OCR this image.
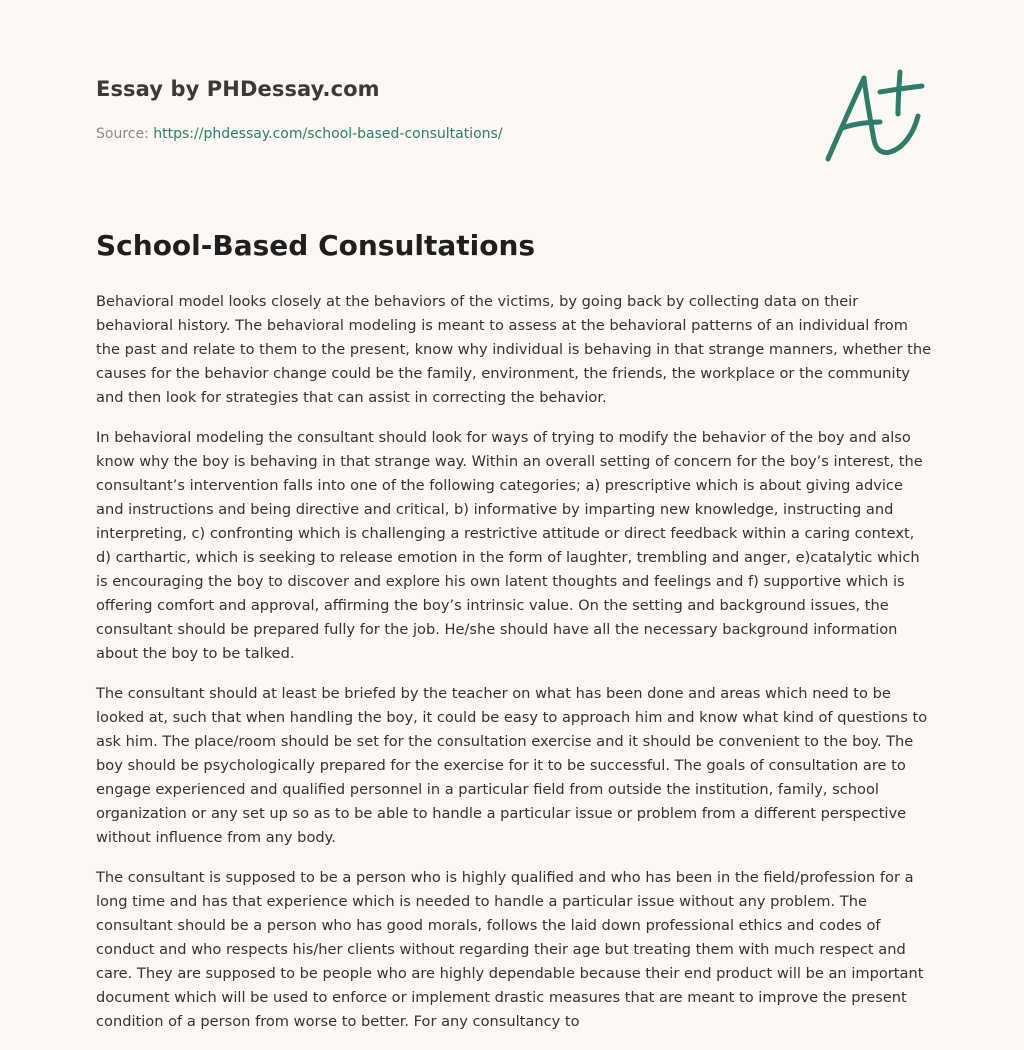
Essay by PHDessay.com
Source: https://phdessay.com/school-based-consultations/
School-Based Consultations

Behavioral model looks closely at the behaviors of the victims, by going back by collecting data on their behavioral history. The behavioral modeling is meant to assess at the behavioral patterns of an individual from the past and relate to them to the present, know why individual is behaving in that strange manners, whether the causes for the behavior change could be the family, environment, the friends, the workplace or the community and then look for strategies that can assist in correcting the behavior.

In behavioral modeling the consultant should look for ways of trying to modify the behavior of the boy and also know why the boy is behaving in that strange way. Within an overall setting of concern for the boy’s interest, the consultant’s intervention falls into one of the following categories; a) prescriptive which is about giving advice and instructions and being directive and critical, b) informative by imparting new knowledge, instructing and interpreting, c) confronting which is challenging a restrictive attitude or direct feedback within a caring context, d) carthartic, which is seeking to release emotion in the form of laughter, trembling and anger, e)catalytic which is encouraging the boy to discover and explore his own latent thoughts and feelings and f) supportive which is offering comfort and approval, affirming the boy’s intrinsic value. On the setting and background issues, the consultant should be prepared fully for the job. He/she should have all the necessary background information about the boy to be talked.

The consultant should at least be briefed by the teacher on what has been done and areas which need to be looked at, such that when handling the boy, it could be easy to approach him and know what kind of questions to ask him. The place/room should be set for the consultation exercise and it should be convenient to the boy. The boy should be psychologically prepared for the exercise for it to be successful. The goals of consultation are to engage experienced and qualified personnel in a particular field from outside the institution, family, school organization or any set up so as to be able to handle a particular issue or problem from a different perspective without influence from any body.

The consultant is supposed to be a person who is highly qualified and who has been in the field/profession for a long time and has that experience which is needed to handle a particular issue without any problem. The consultant should be a person who has good morals, follows the laid down professional ethics and codes of conduct and who respects his/her clients without regarding their age but treating them with much respect and care. They are supposed to be people who are highly dependable because their end product will be an important document which will be used to enforce or implement drastic measures that are meant to improve the present condition of a person from worse to better. For any consultancy to
